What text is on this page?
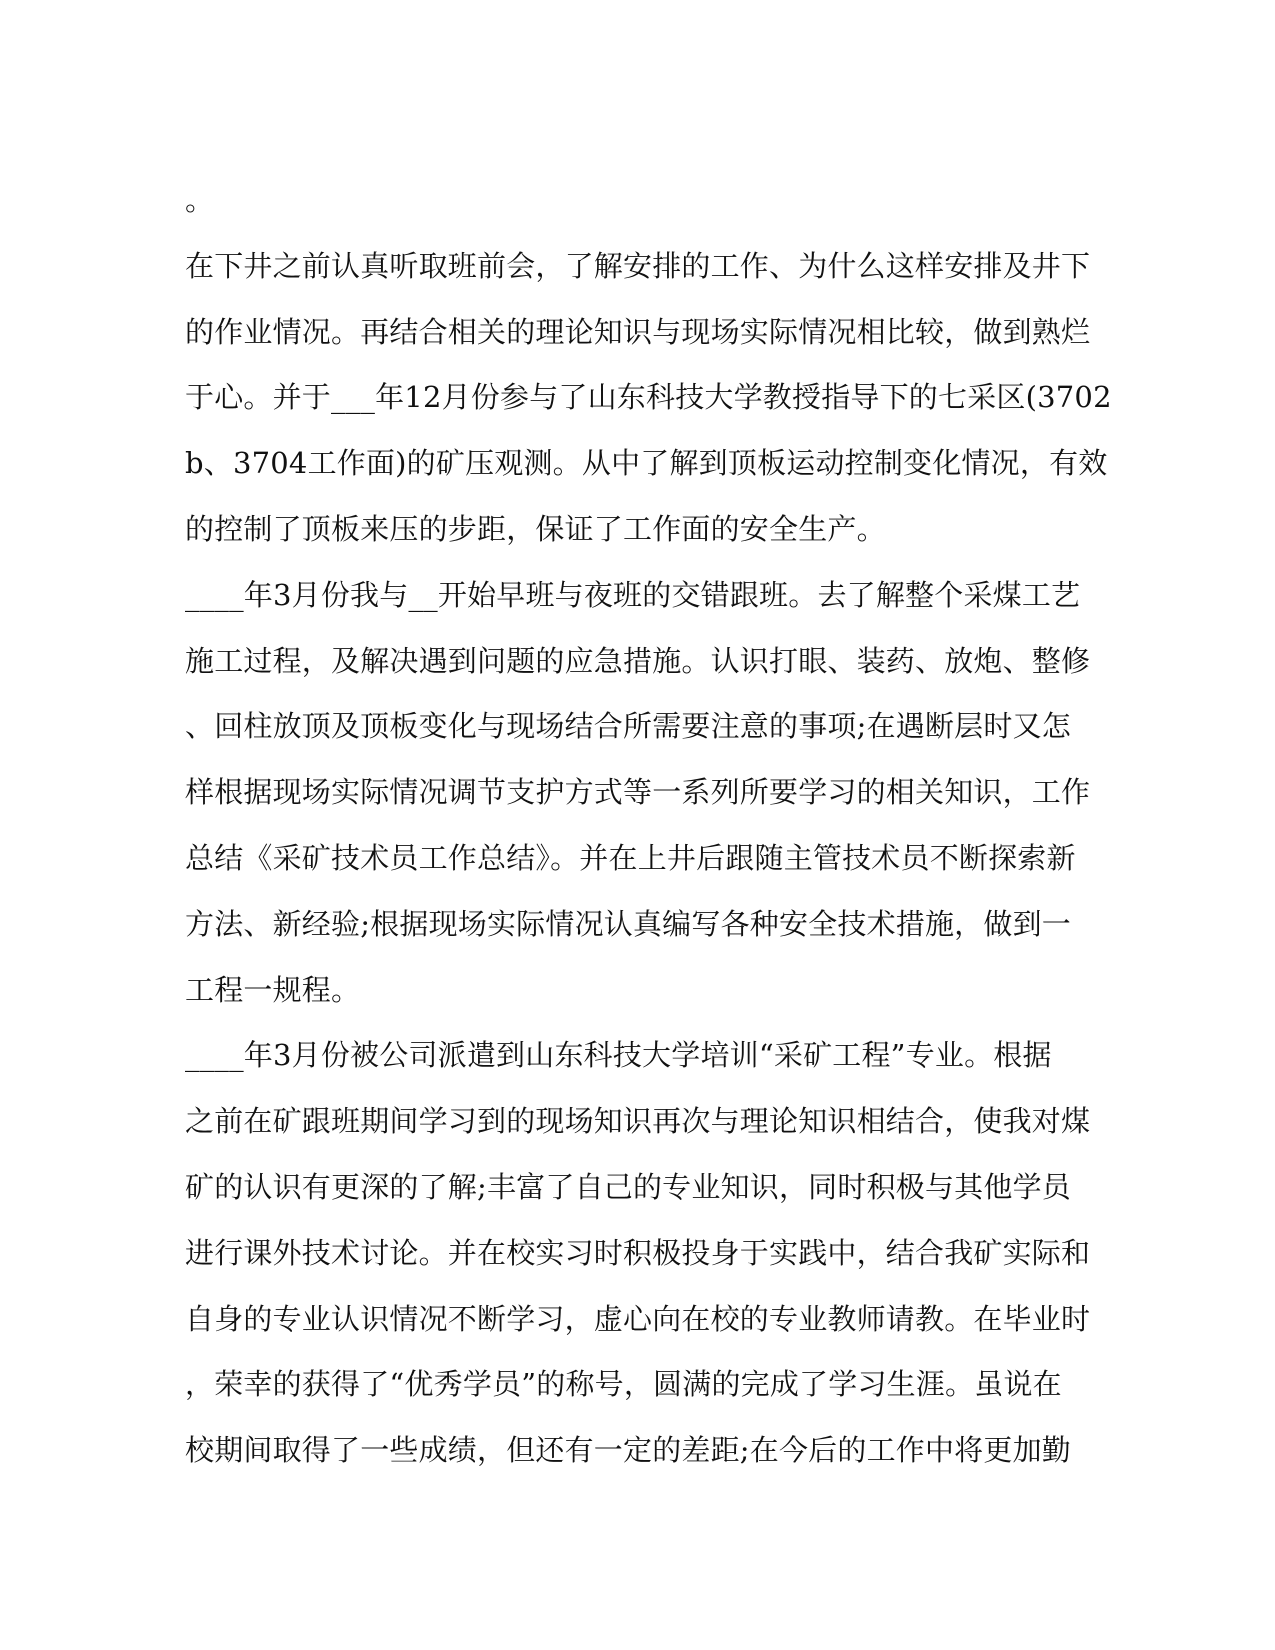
。
在下井之前认真听取班前会，了解安排的工作、为什么这样安排及井下
的作业情况。再结合相关的理论知识与现场实际情况相比较，做到熟烂
于心。并于___年12月份参与了山东科技大学教授指导下的七采区(3702
b、3704工作面)的矿压观测。从中了解到顶板运动控制变化情况，有效
的控制了顶板来压的步距，保证了工作面的安全生产。
____年3月份我与__开始早班与夜班的交错跟班。去了解整个采煤工艺
施工过程，及解决遇到问题的应急措施。认识打眼、装药、放炮、整修
、回柱放顶及顶板变化与现场结合所需要注意的事项;在遇断层时又怎
样根据现场实际情况调节支护方式等一系列所要学习的相关知识，工作
总结《采矿技术员工作总结》。并在上井后跟随主管技术员不断探索新
方法、新经验;根据现场实际情况认真编写各种安全技术措施，做到一
工程一规程。
____年3月份被公司派遣到山东科技大学培训“采矿工程”专业。根据
之前在矿跟班期间学习到的现场知识再次与理论知识相结合，使我对煤
矿的认识有更深的了解;丰富了自己的专业知识，同时积极与其他学员
进行课外技术讨论。并在校实习时积极投身于实践中，结合我矿实际和
自身的专业认识情况不断学习，虚心向在校的专业教师请教。在毕业时
，荣幸的获得了“优秀学员”的称号，圆满的完成了学习生涯。虽说在
校期间取得了一些成绩，但还有一定的差距;在今后的工作中将更加勤
